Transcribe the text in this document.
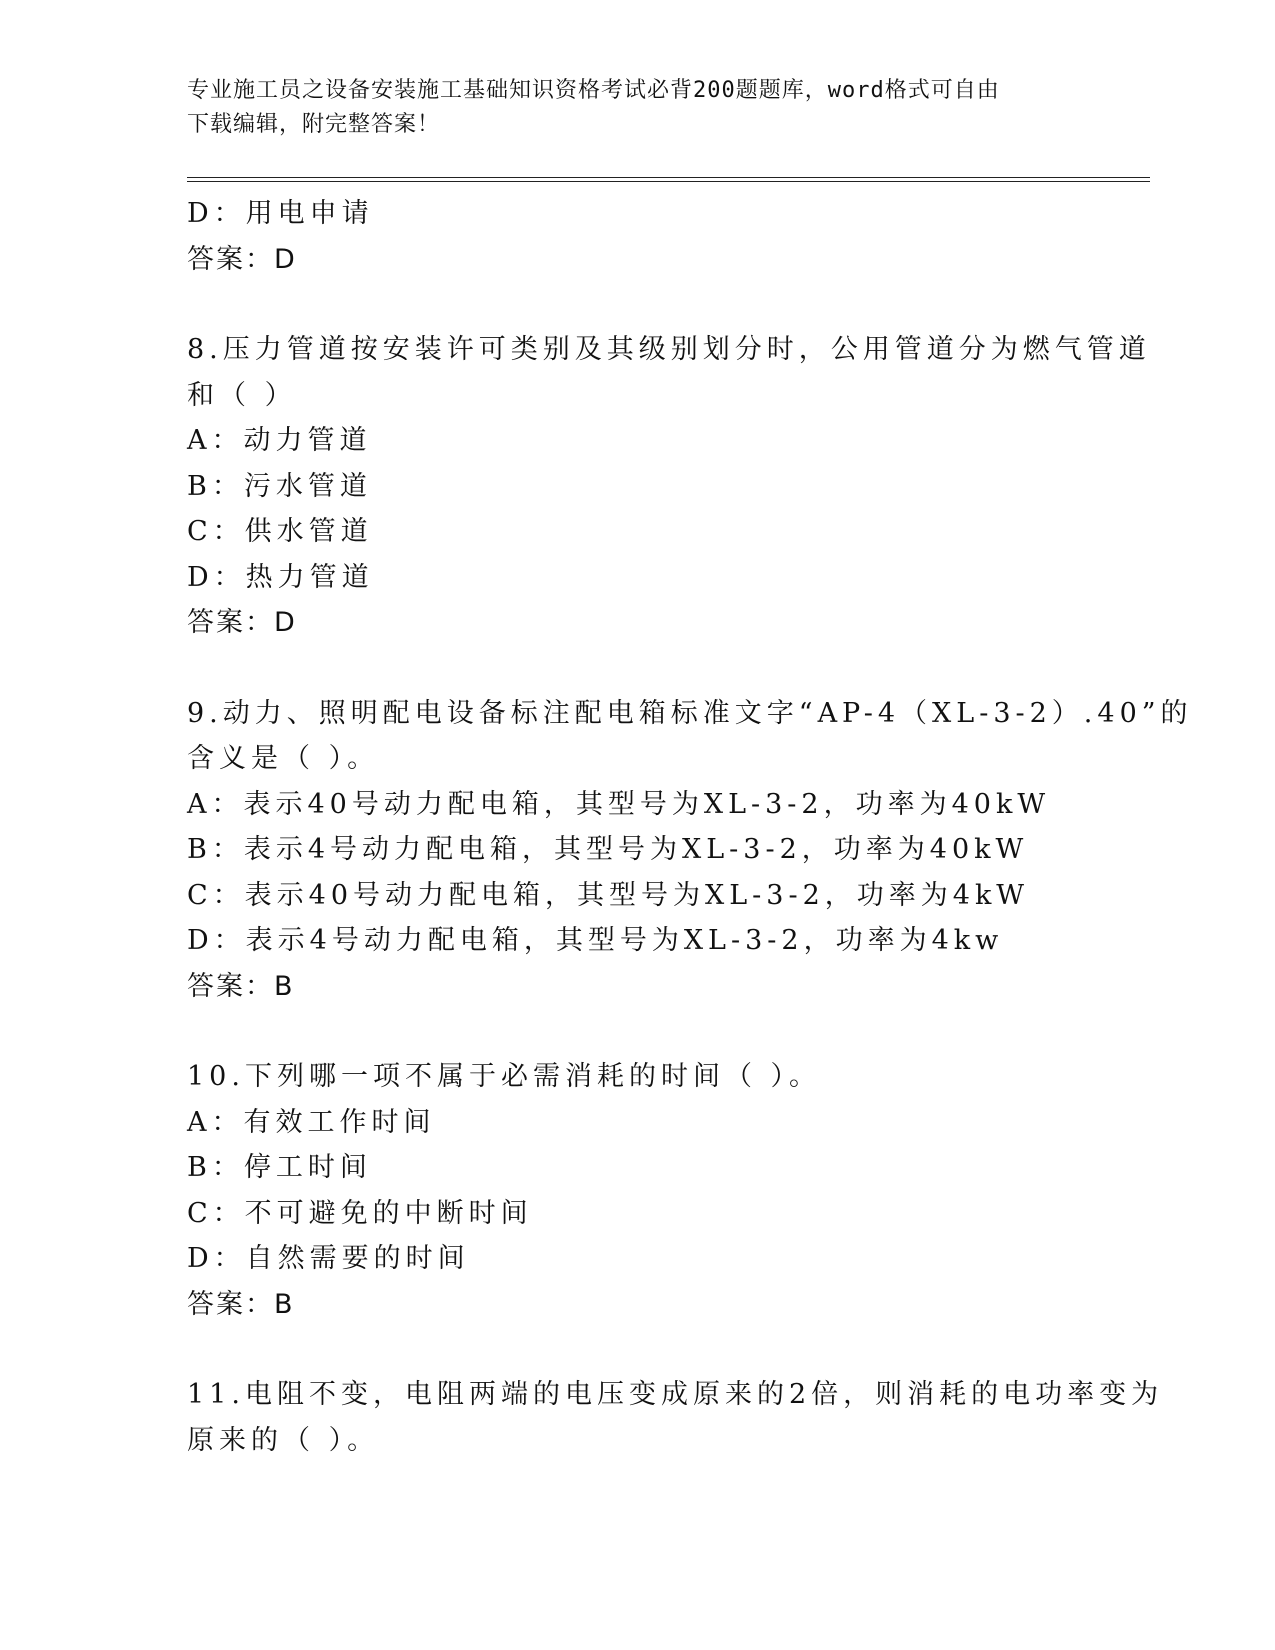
专业施工员之设备安装施工基础知识资格考试必背200题题库，word格式可自由
下载编辑，附完整答案！
D：用电申请
答案：D
8.压力管道按安装许可类别及其级别划分时，公用管道分为燃气管道
和（ ）
A：动力管道
B：污水管道
C：供水管道
D：热力管道
答案：D
9.动力、照明配电设备标注配电箱标准文字“AP-4（XL-3-2）.40”的
含义是（ ）。
A：表示40号动力配电箱，其型号为XL-3-2，功率为40kW
B：表示4号动力配电箱，其型号为XL-3-2，功率为40kW
C：表示40号动力配电箱，其型号为XL-3-2，功率为4kW
D：表示4号动力配电箱，其型号为XL-3-2，功率为4kw
答案：B
10.下列哪一项不属于必需消耗的时间（ ）。
A：有效工作时间
B：停工时间
C：不可避免的中断时间
D：自然需要的时间
答案：B
11.电阻不变，电阻两端的电压变成原来的2倍，则消耗的电功率变为
原来的（ ）。
